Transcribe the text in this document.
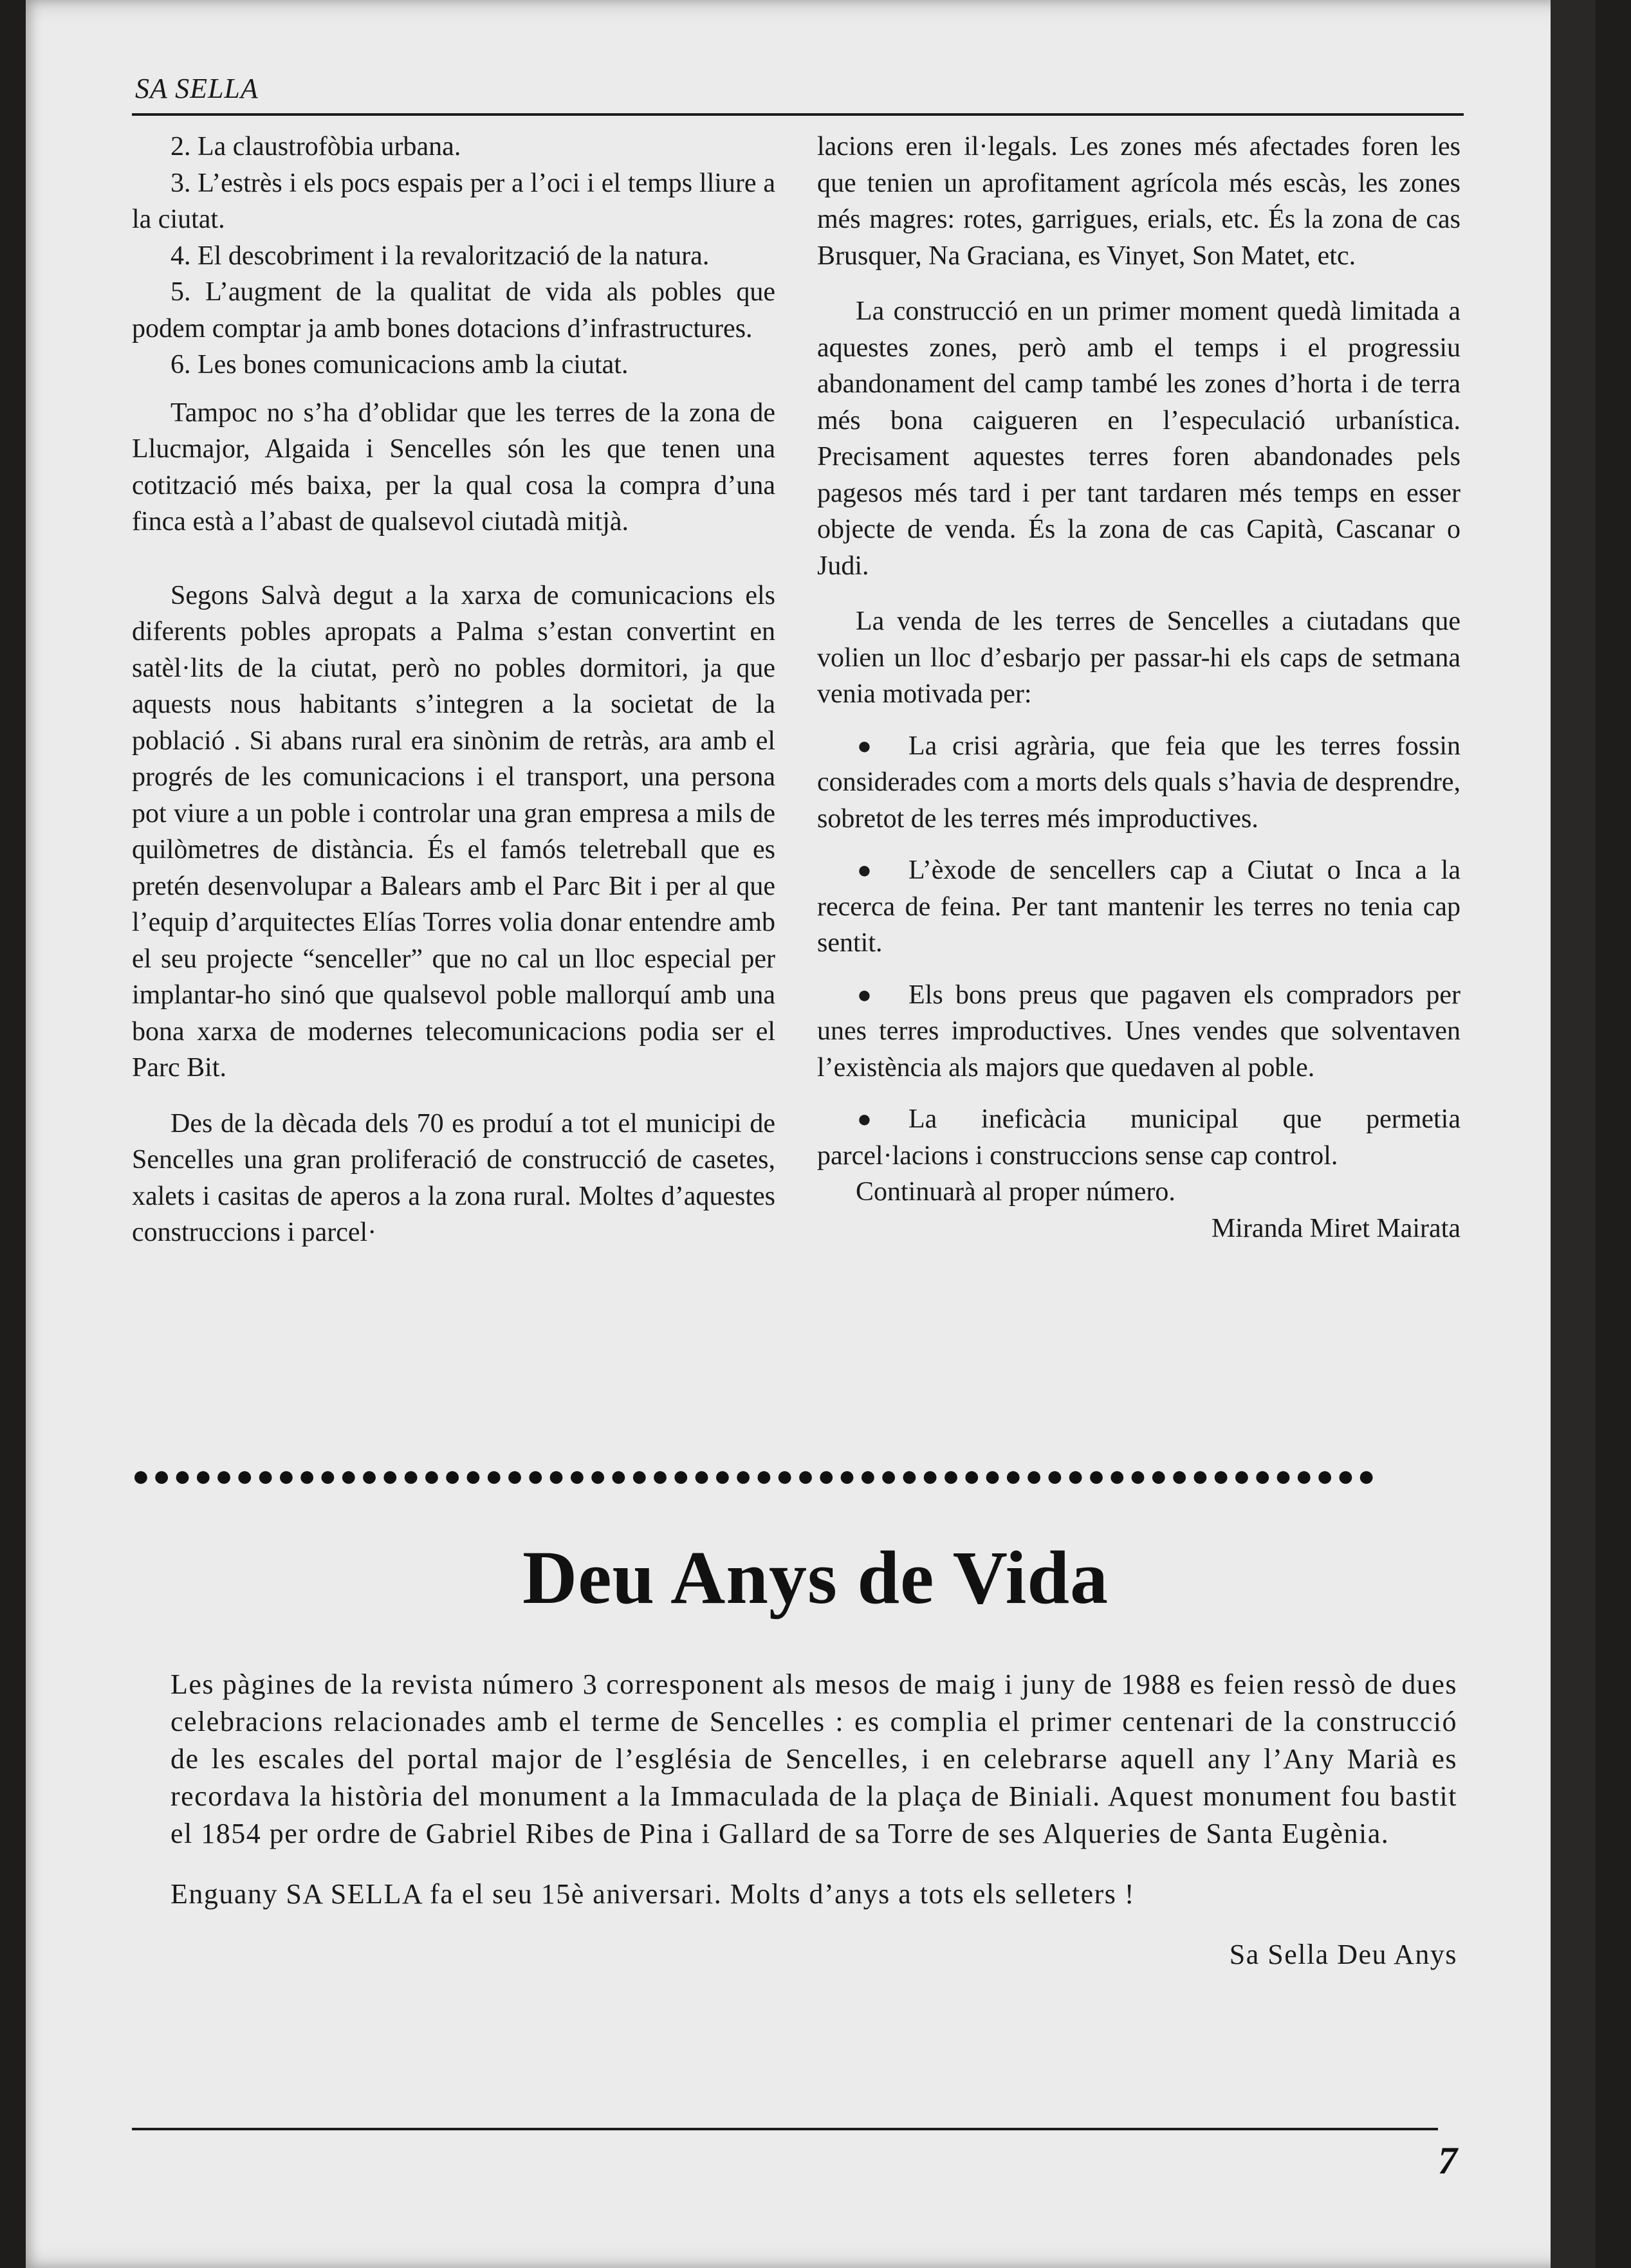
SA SELLA

2. La claustrofòbia urbana.

3. L’estrès i els pocs espais per a l’oci i el temps lliure a la ciutat.

4. El descobriment i la revalorització de la natura.

5. L’augment de la qualitat de vida als pobles que podem comptar ja amb bones dotacions d’infrastructures.

6. Les bones comunicacions amb la ciutat.

Tampoc no s’ha d’oblidar que les terres de la zona de Llucmajor, Algaida i Sencelles són les que tenen una cotització més baixa, per la qual cosa la compra d’una finca està a l’abast de qualsevol ciutadà mitjà.

Segons Salvà degut a la xarxa de comunicacions els diferents pobles apropats a Palma s’estan convertint en satèl·lits de la ciutat, però no pobles dormitori, ja que aquests nous habitants s’integren a la societat de la població . Si abans rural era sinònim de retràs, ara amb el progrés de les comunicacions i el transport, una persona pot viure a un poble i controlar una gran empresa a mils de quilòmetres de distància. És el famós teletreball que es pretén desenvolupar a Balears amb el Parc Bit i per al que l’equip d’arquitectes Elías Torres volia donar entendre amb el seu projecte “senceller” que no cal un lloc especial per implantar-ho sinó que qualsevol poble mallorquí amb una bona xarxa de modernes telecomunicacions podia ser el Parc Bit.

Des de la dècada dels 70 es produí a tot el municipi de Sencelles una gran proliferació de construcció de casetes, xalets i casitas de aperos a la zona rural. Moltes d’aquestes construccions i parcel·

lacions eren il·legals. Les zones més afectades foren les que tenien un aprofitament agrícola més escàs, les zones més magres: rotes, garrigues, erials, etc. És la zona de cas Brusquer, Na Graciana, es Vinyet, Son Matet, etc.

La construcció en un primer moment quedà limitada a aquestes zones, però amb el temps i el progressiu abandonament del camp també les zones d’horta i de terra més bona caigueren en l’especulació urbanística. Precisament aquestes terres foren abandonades pels pagesos més tard i per tant tardaren més temps en esser objecte de venda. És la zona de cas Capità, Cascanar o Judi.

La venda de les terres de Sencelles a ciutadans que volien un lloc d’esbarjo per passar-hi els caps de setmana venia motivada per:

● La crisi agrària, que feia que les terres fossin considerades com a morts dels quals s’havia de desprendre, sobretot de les terres més improductives.

● L’èxode de sencellers cap a Ciutat o Inca a la recerca de feina. Per tant mantenir les terres no tenia cap sentit.

● Els bons preus que pagaven els compradors per unes terres improductives. Unes vendes que solventaven l’existència als majors que quedaven al poble.

● La ineficàcia municipal que permetia parcel·lacions i construccions sense cap control.

Continuarà al proper número.

Miranda Miret Mairata

●●●●●●●●●●●●●●●●●●●●●●●●●●●●●●●●●●●●●●●●●●●●●●●●●●●●●●●●●●●●
Deu Anys de Vida

Les pàgines de la revista número 3 corresponent als mesos de maig i juny de 1988 es feien ressò de dues celebracions relacionades amb el terme de Sencelles : es complia el primer centenari de la construcció de les escales del portal major de l’església de Sencelles, i en celebrarse aquell any l’Any Marià es recordava la història del monument a la Immaculada de la plaça de Biniali. Aquest monument fou bastit el 1854 per ordre de Gabriel Ribes de Pina i Gallard de sa Torre de ses Alqueries de Santa Eugènia.

Enguany SA SELLA fa el seu 15è aniversari. Molts d’anys a tots els selleters !

Sa Sella Deu Anys

7
